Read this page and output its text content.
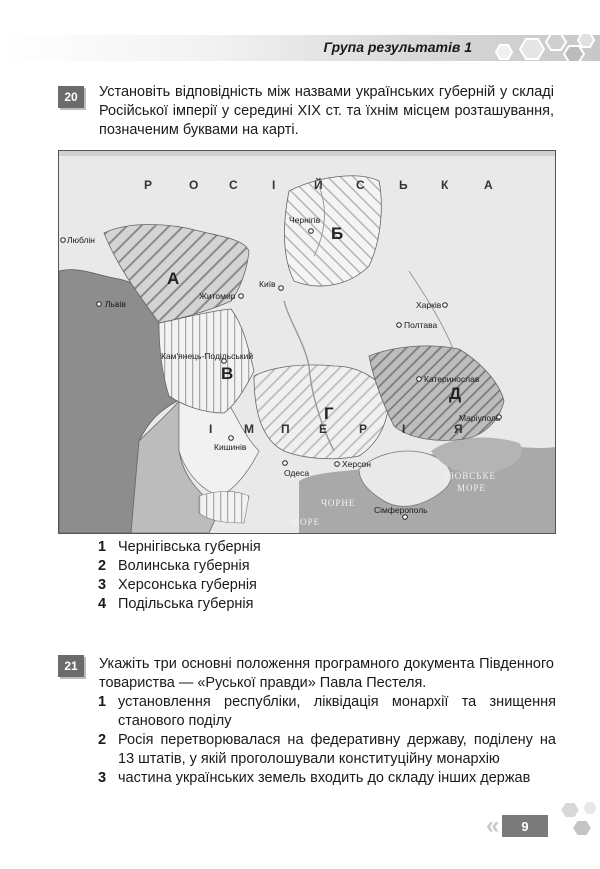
Група результатів 1
20	Установіть відповідність між назвами українських губерній у складі Російської імперії у середині XIX ст. та їхнім місцем розташування, позначеним буквами на карті.
Р	О С	І	Й	С	Ь	К	А
І	М П Е	Р	І	Я
А
Б
В
Г
Д
Люблін
Чернігів
Житомир
Київ
Львів	Харків
Полтава
Кам'янець-Подільський
Катеринослав
Кишинів
Маріуполь
Херсон
Одеса
Сімферополь
АЗОВСЬКЕ
МОРЕ
ЧОРНЕ
МОРЕ
1 Чернігівська губернія
2 Волинська губернія
3 Херсонська губернія
4 Подільська губернія
21	Укажіть три основні положення програмного документа Південного товариства — «Руської правди» Павла Пестеля.
1 установлення республіки, ліквідація монархії та знищення станового поділу
2 Росія перетворювалася на федеративну державу, поділену на 13 штатів, у якій проголошували конституційну монархію
3 частина українських земель входить до складу інших держав
«	9
